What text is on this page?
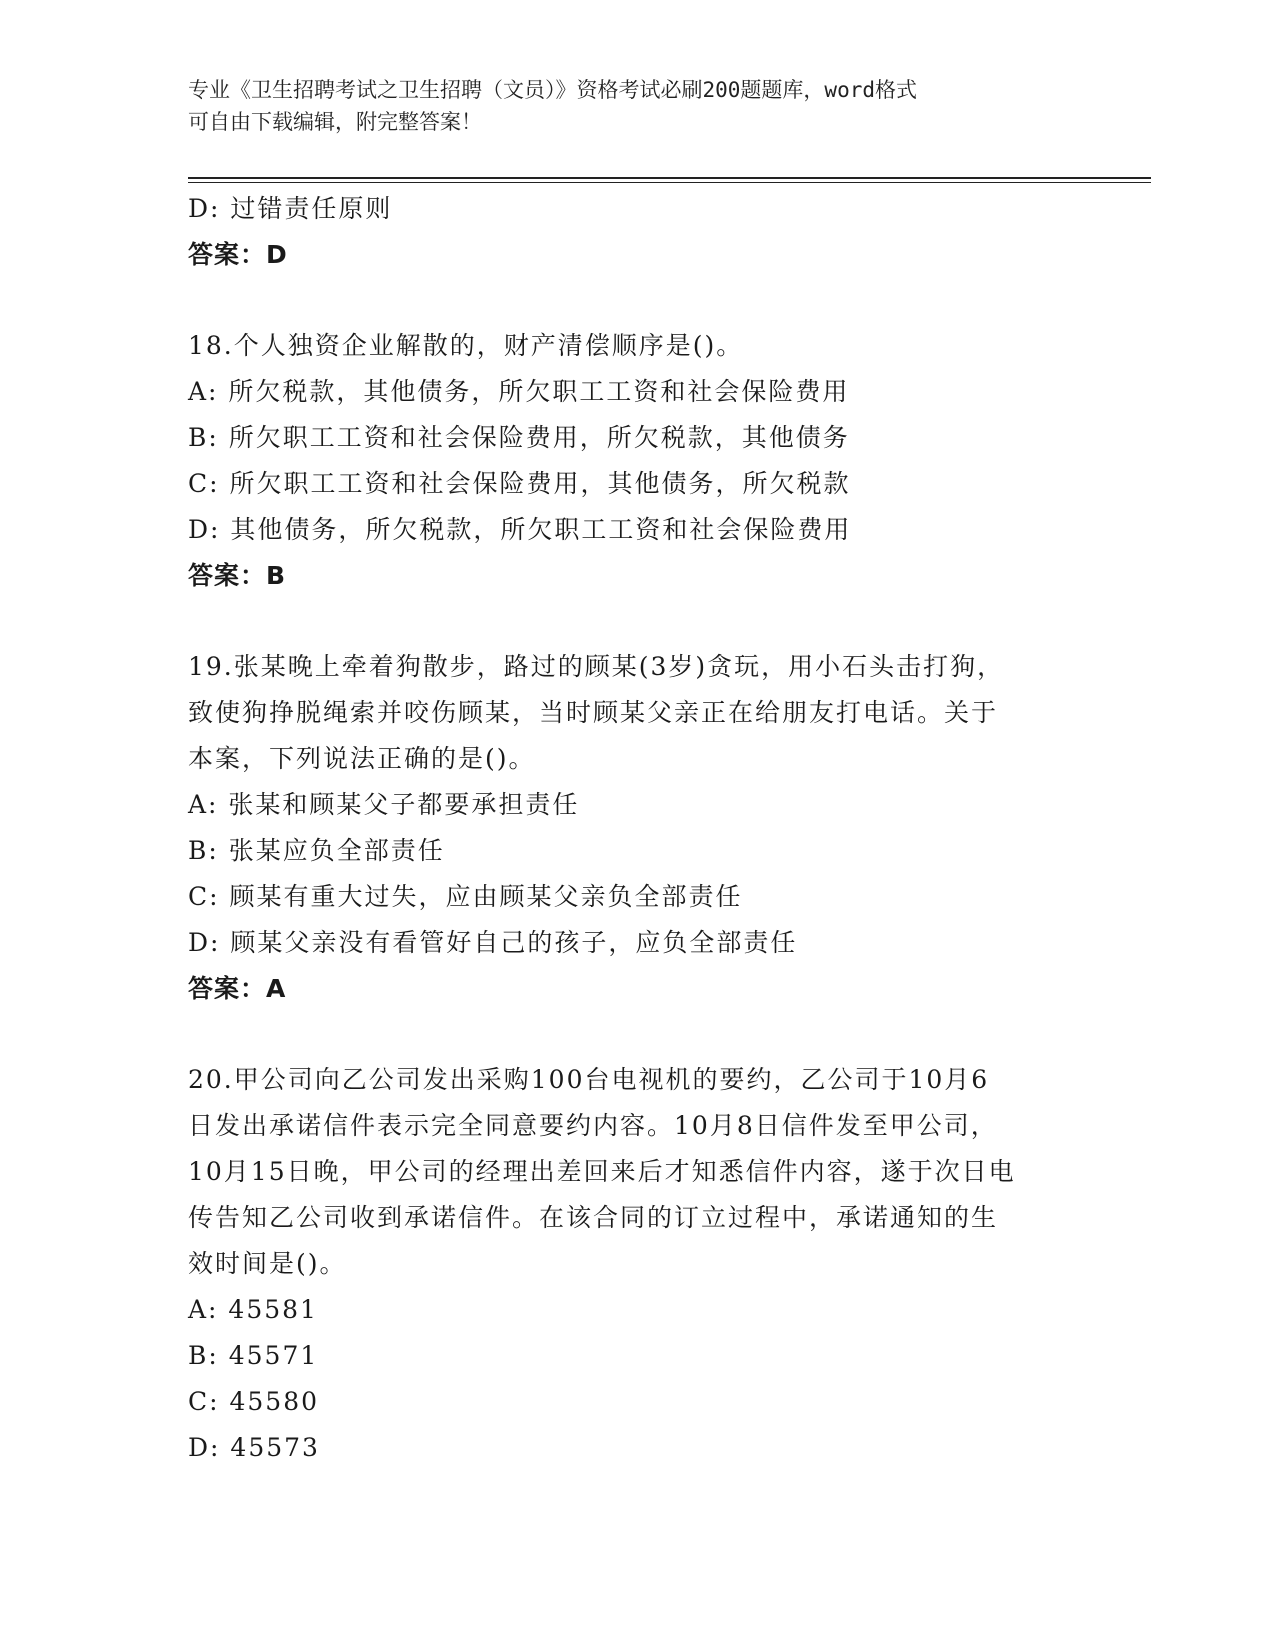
专业《卫生招聘考试之卫生招聘（文员）》资格考试必刷200题题库，word格式
可自由下载编辑，附完整答案！
D: 过错责任原则
答案：D
18.个人独资企业解散的，财产清偿顺序是()。
A: 所欠税款，其他债务，所欠职工工资和社会保险费用
B: 所欠职工工资和社会保险费用，所欠税款，其他债务
C: 所欠职工工资和社会保险费用，其他债务，所欠税款
D: 其他债务，所欠税款，所欠职工工资和社会保险费用
答案：B
19.张某晚上牵着狗散步，路过的顾某(3岁)贪玩，用小石头击打狗，
致使狗挣脱绳索并咬伤顾某，当时顾某父亲正在给朋友打电话。关于
本案，下列说法正确的是()。
A: 张某和顾某父子都要承担责任
B: 张某应负全部责任
C: 顾某有重大过失，应由顾某父亲负全部责任
D: 顾某父亲没有看管好自己的孩子，应负全部责任
答案：A
20.甲公司向乙公司发出采购100台电视机的要约，乙公司于10月6
日发出承诺信件表示完全同意要约内容。10月8日信件发至甲公司，
10月15日晚，甲公司的经理出差回来后才知悉信件内容，遂于次日电
传告知乙公司收到承诺信件。在该合同的订立过程中，承诺通知的生
效时间是()。
A: 45581
B: 45571
C: 45580
D: 45573
